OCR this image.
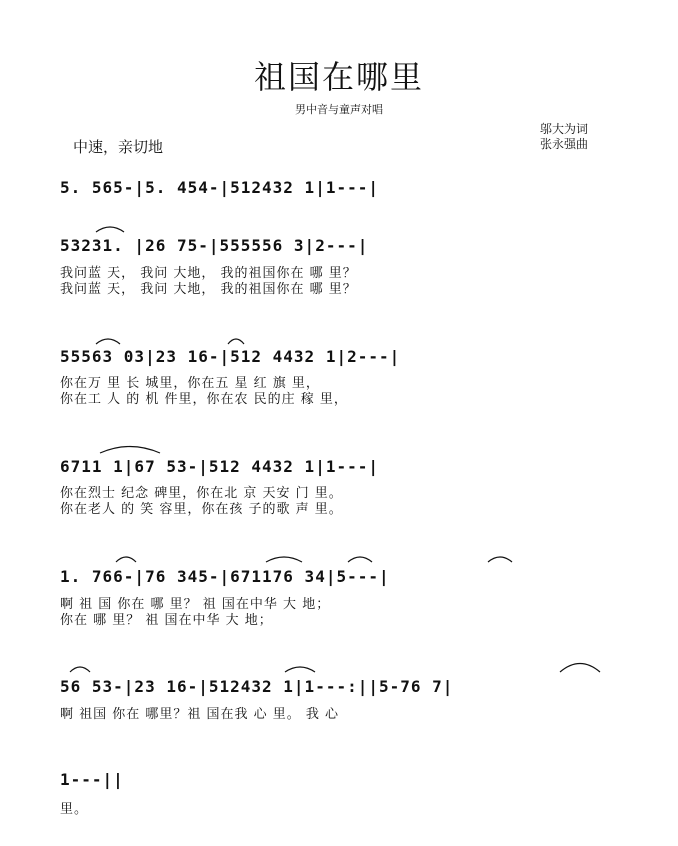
祖国在哪里
男中音与童声对唱
中速，亲切地
邬大为词
张永强曲
5. 565-|5. 454-|512432 1|1---|
53231. |26 75-|555556 3|2---|
我问蓝 天， 我问 大地， 我的祖国你在 哪 里？
我问蓝 天， 我问 大地， 我的祖国你在 哪 里？
55563 03|23 16-|512 4432 1|2---|
你在万 里 长 城里，你在五 星 红 旗 里，
你在工 人 的 机 件里，你在农 民的庄 稼 里，
6711 1|67 53-|512 4432 1|1---|
你在烈士 纪念 碑里，你在北 京 天安 门 里。
你在老人 的 笑 容里，你在孩 子的歌 声 里。
1. 766-|76 345-|671176 34|5---|
啊 祖 国 你在 哪 里？ 祖 国在中华 大 地；
你在 哪 里？ 祖 国在中华 大 地；
56 53-|23 16-|512432 1|1---:||5-76 7|
啊 祖国 你在 哪里？祖 国在我 心 里。 我 心
1---||
里。
